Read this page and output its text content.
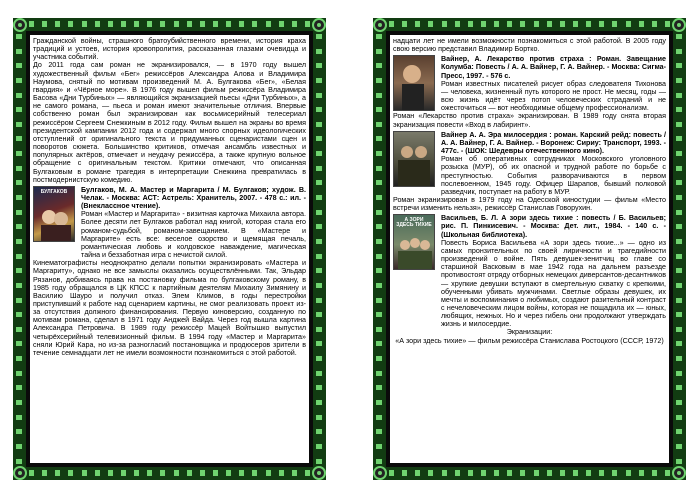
Гражданской войны, страшного братоубийственного времени, история краха традиций и устоев, история кровопролития, рассказанная глазами очевидца и участника событий.

До 2011 года сам роман не экранизировался, — в 1970 году вышел художественный фильм «Бег» режиссёров Александра Алова и Владимира Наумова, снятый по мотивам произведений М. А. Булгакова «Бег», «Белая гвардия» и «Чёрное море». В 1976 году вышел фильм режиссёра Владимира Басова «Дни Турбиных» — являющийся экранизацией пьесы «Дни Турбиных», а не самого романа, — пьеса и роман имеют значительные отличия. Впервые собственно роман был экранизирован как восьмисерийный телесериал режиссёром Сергеем Снежкиным в 2012 году. Фильм вышел на экраны во время президентской кампании 2012 года и содержал много спорных идеологических отступлений от оригинального текста и придуманных сценаристами сцен и поворотов сюжета. Большинство критиков, отмечая ансамбль известных и популярных актёров, отмечает и неудачу режиссёра, а также крупную вольное обращение с оригинальным текстом. Критики отмечают, что описанная Булгаковым в романе трагедия в интерпретации Снежкина превратилась в постмодернистскую комедию.

БУЛГАКОВ	Булгаков, М. А. Мастер и Маргарита / М. Булгаков; худож. В. Челак. - Москва: АСТ: Астрель: Хранитель, 2007. - 478 с.: ил. - (Внеклассное чтение).

Роман «Мастер и Маргарита» - визитная карточка Михаила автора. Более десяти лет Булгаков работал над книгой, которая стала его романом-судьбой, романом-завещанием. В «Мастере и Маргарите» есть все: веселое озорство и щемящая печаль, романтическая любовь и колдовское наваждение, магическая тайна и беззаботная игра с нечистой силой.

Кинематографисты неоднократно делали попытки экранизировать «Мастера и Маргариту», однако не все замыслы оказались осуществлёнными. Так, Эльдар Рязанов, добиваясь права на постановку фильма по булгаковскому роману, в 1985 году обращался в ЦК КПСС к партийным деятелям Михаилу Зимянину и Василию Шауро и получил отказ. Элем Климов, в годы перестройки приступивший к работе над сценарием картины, не смог реализовать проект из-за отсутствия должного финансирования. Первую киноверсию, созданную по мотивам романа, сделал в 1971 году Анджей Вайда. Через год вышла картина Александра Петровича. В 1989 году режиссёр Мацей Войтышко выпустил четырёхсерийный телевизионный фильм. В 1994 году «Мастер и Маргарита» сняли Юрий Кара, но из-за разногласий постановщика и продюсеров зрители в течение семнадцати лет не имели возможности познакомиться с этой работой.

надцати лет не имели возможности познакомиться с этой работой. В 2005 году свою версию представил Владимир Бортко.

Вайнер, А. Лекарство против страха : Роман. Завещание Колумба: Повесть / А. А. Вайнер, Г. А. Вайнер. - Москва: Сигма-Пресс, 1997. - 576 с.

Роман известных писателей рисует образ следователя Тихонова — человека, жизненный путь которого не прост. Не месяц, годы — всю жизнь идёт через потоп человеческих страданий и не ожесточиться — вот необходимые общему профессионализм.

Роман «Лекарство против страха» экранизирован. В 1989 году снята вторая экранизация повести «Вход в лабиринт».

Вайнер А. А. Эра милосердия : роман. Карский рейд: повесть / А. А. Вайнер, Г. А. Вайнер. - Воронеж: Сириу: Транспорт, 1993. - 477с. - (ШОК: Шедевры отечественного кино).

Роман об оперативных сотрудниках Московского уголовного розыска (МУР), об их опасной и трудной работе по борьбе с преступностью. События разворачиваются в первом послевоенном, 1945 году. Офицер Шарапов, бывший полковой разведчик, поступает на работу в МУР.

Роман экранизирован в 1979 году на Одесской киностудии — фильм «Место встречи изменить нельзя», режиссёр Станислав Говорухин.

А ЗОРИ ЗДЕСЬ ТИХИЕ

Васильев, Б. Л. А зори здесь тихие : повесть / Б. Васильев; рис. П. Пинкисевич. - Москва: Дет. лит., 1984. - 140 с. - (Школьная библиотека).

Повесть Бориса Васильева «А зори здесь тихие...» — одно из самых пронзительных по своей лиричности и трагедийности произведений о войне. Пять девушек-зенитчиц во главе со старшиной Васковым в мае 1942 года на дальнем разъезде противостоят отряду отборных немецких диверсантов-десантников — хрупкие девушки вступают в смертельную схватку с крепкими, обученными убивать мужчинами. Светлые образы девушек, их мечты и воспоминания о любимых, создают разительный контраст с нечеловеческим лицом войны, которая не пощадила их — юных, любящих, нежных. Но и через гибель они продолжают утверждать жизнь и милосердие.

Экранизации:

«А зори здесь тихие» — фильм режиссёра Станислава Ростоцкого (СССР, 1972)
